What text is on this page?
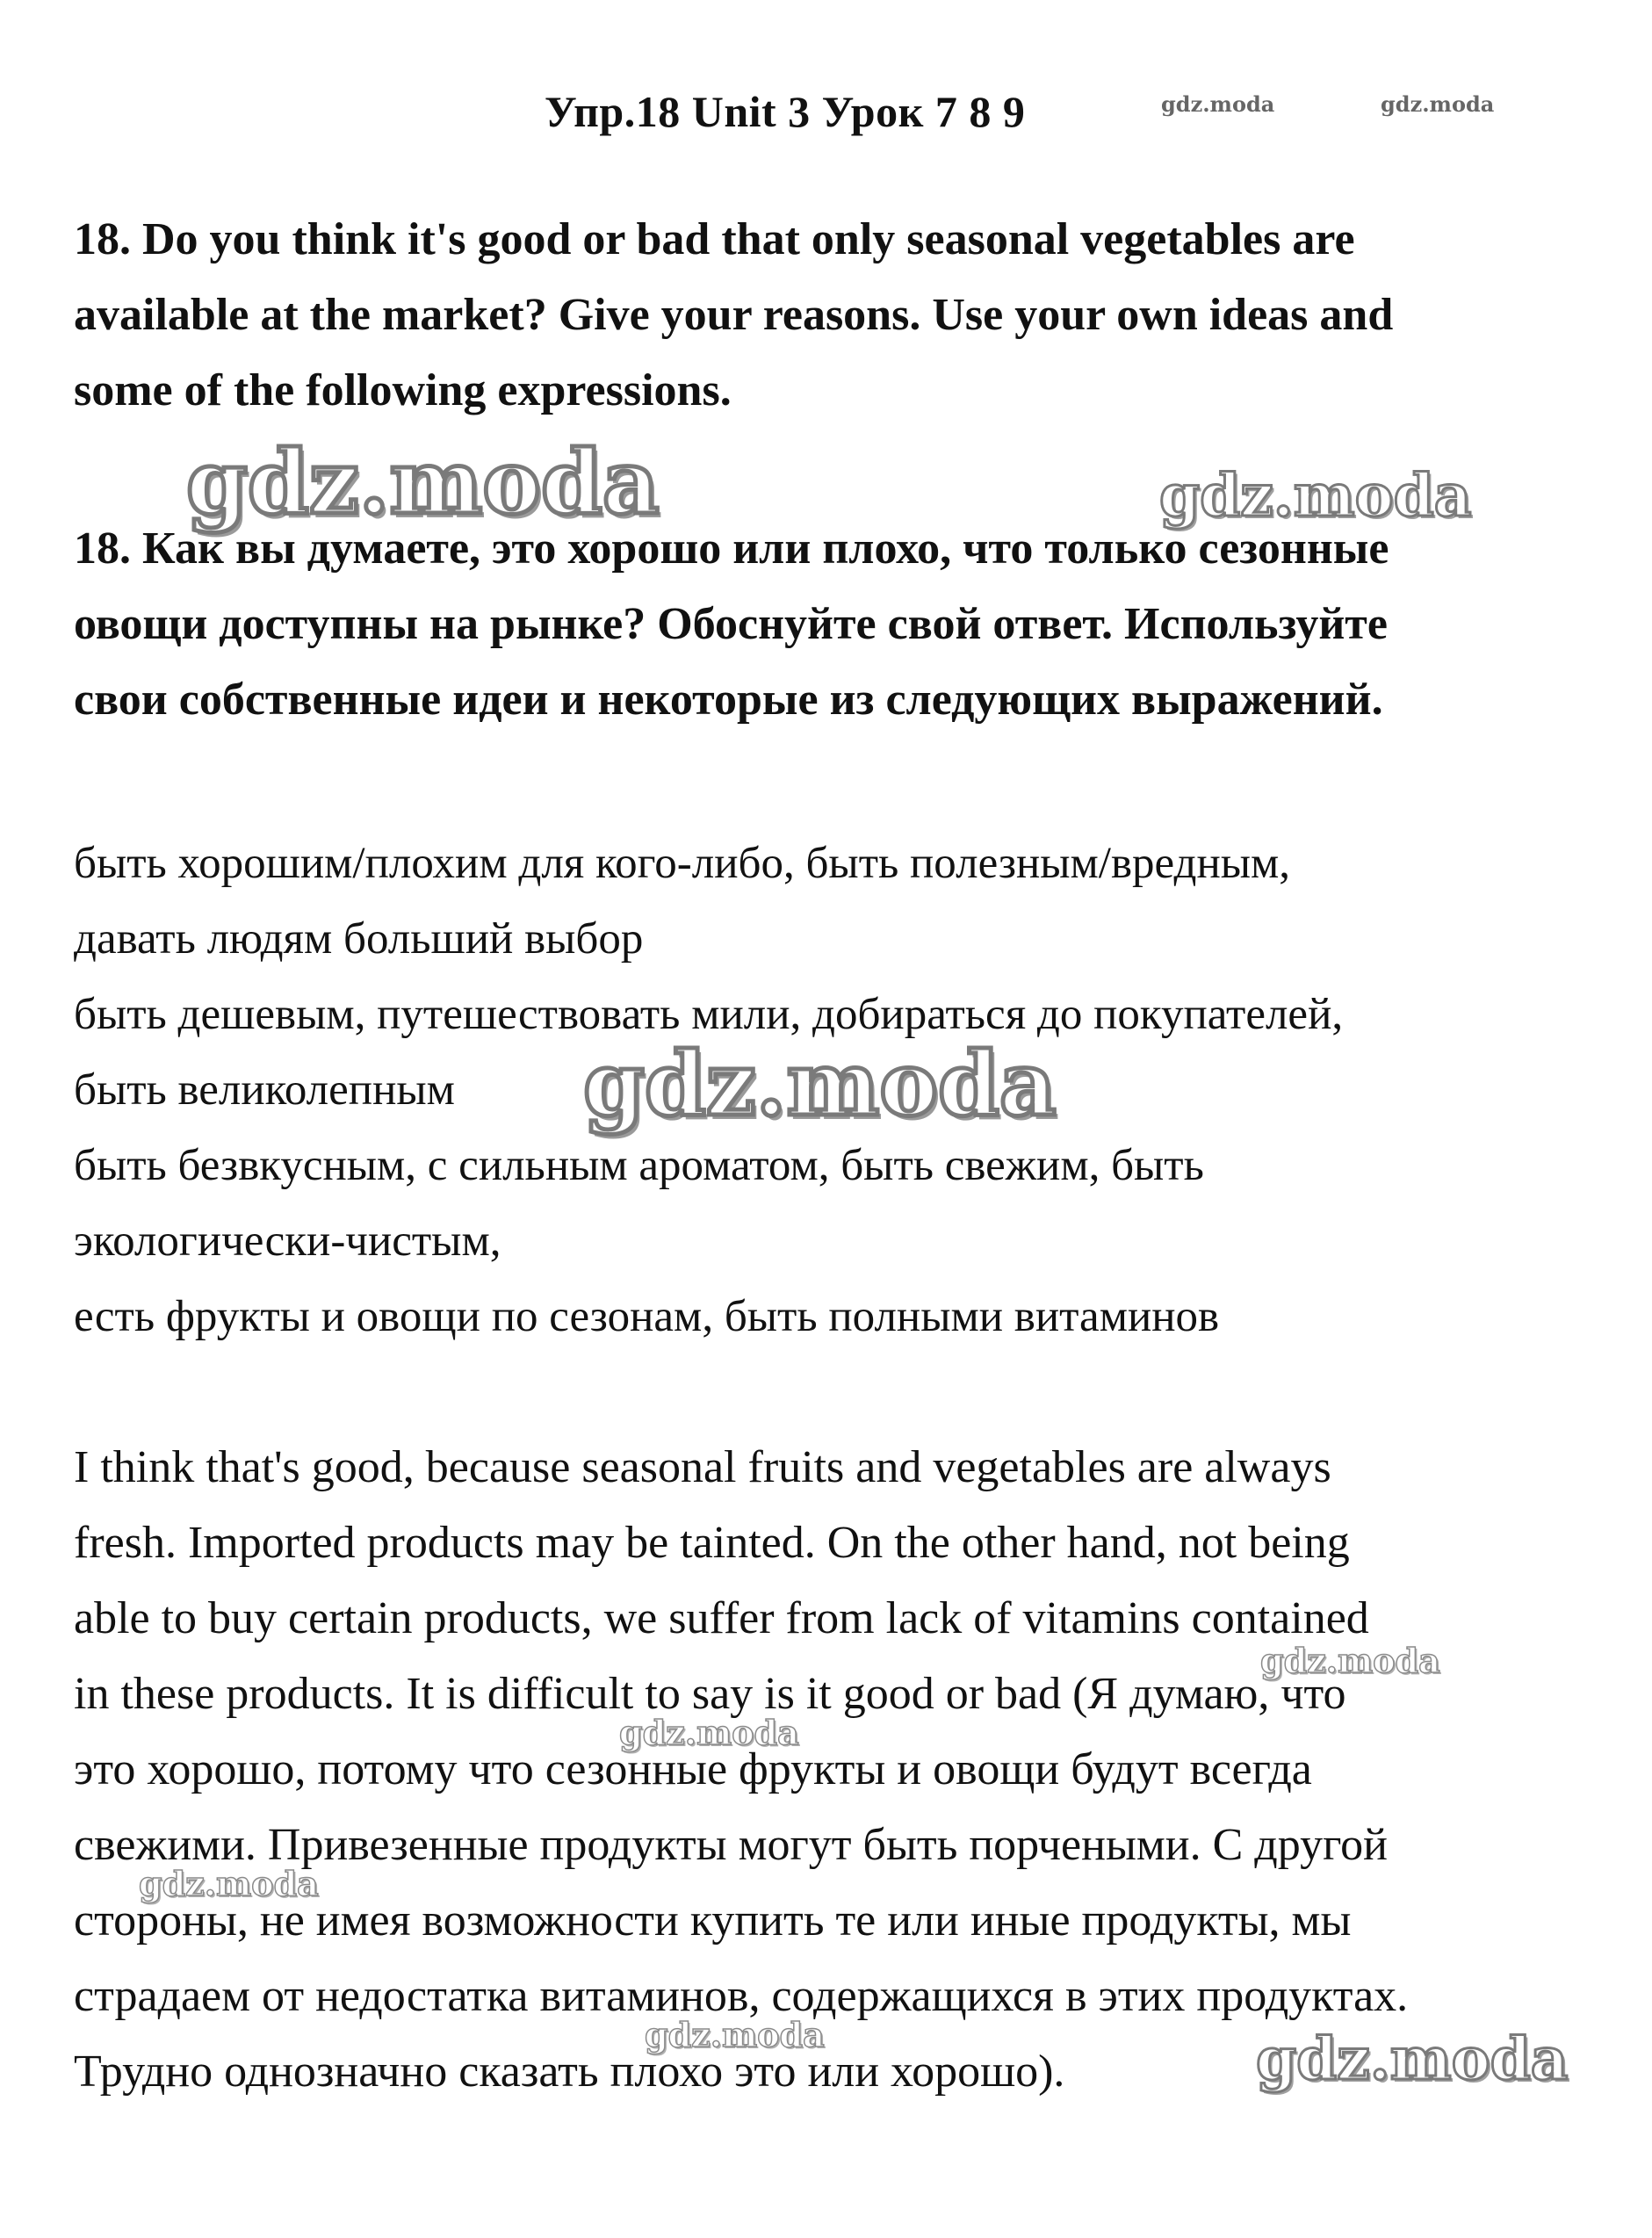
Упр.18 Unit 3 Урок 7 8 9	gdz.moda	gdz.moda
18. Do you think it's good or bad that only seasonal vegetables are
available at the market? Give your reasons. Use your own ideas and
some of the following expressions.
gdz.moda	gdz.moda
18. Как вы думаете, это хорошо или плохо, что только сезонные
овощи доступны на рынке? Обоснуйте свой ответ. Используйте
свои собственные идеи и некоторые из следующих выражений.
быть хорошим/плохим для кого-либо, быть полезным/вредным,
давать людям больший выбор
быть дешевым, путешествовать мили, добираться до покупателей,
быть великолепным
быть безвкусным, с сильным ароматом, быть свежим, быть
экологически-чистым,
есть фрукты и овощи по сезонам, быть полными витаминов
gdz.moda
I think that's good, because seasonal fruits and vegetables are always
fresh. Imported products may be tainted. On the other hand, not being
able to buy certain products, we suffer from lack of vitamins contained
in these products. It is difficult to say is it good or bad (Я думаю, что
это хорошо, потому что сезонные фрукты и овощи будут всегда
свежими. Привезенные продукты могут быть порчеными. С другой
стороны, не имея возможности купить те или иные продукты, мы
страдаем от недостатка витаминов, содержащихся в этих продуктах.
Трудно однозначно сказать плохо это или хорошо).
gdz.moda
gdz.moda
gdz.moda
gdz.moda	gdz.moda
